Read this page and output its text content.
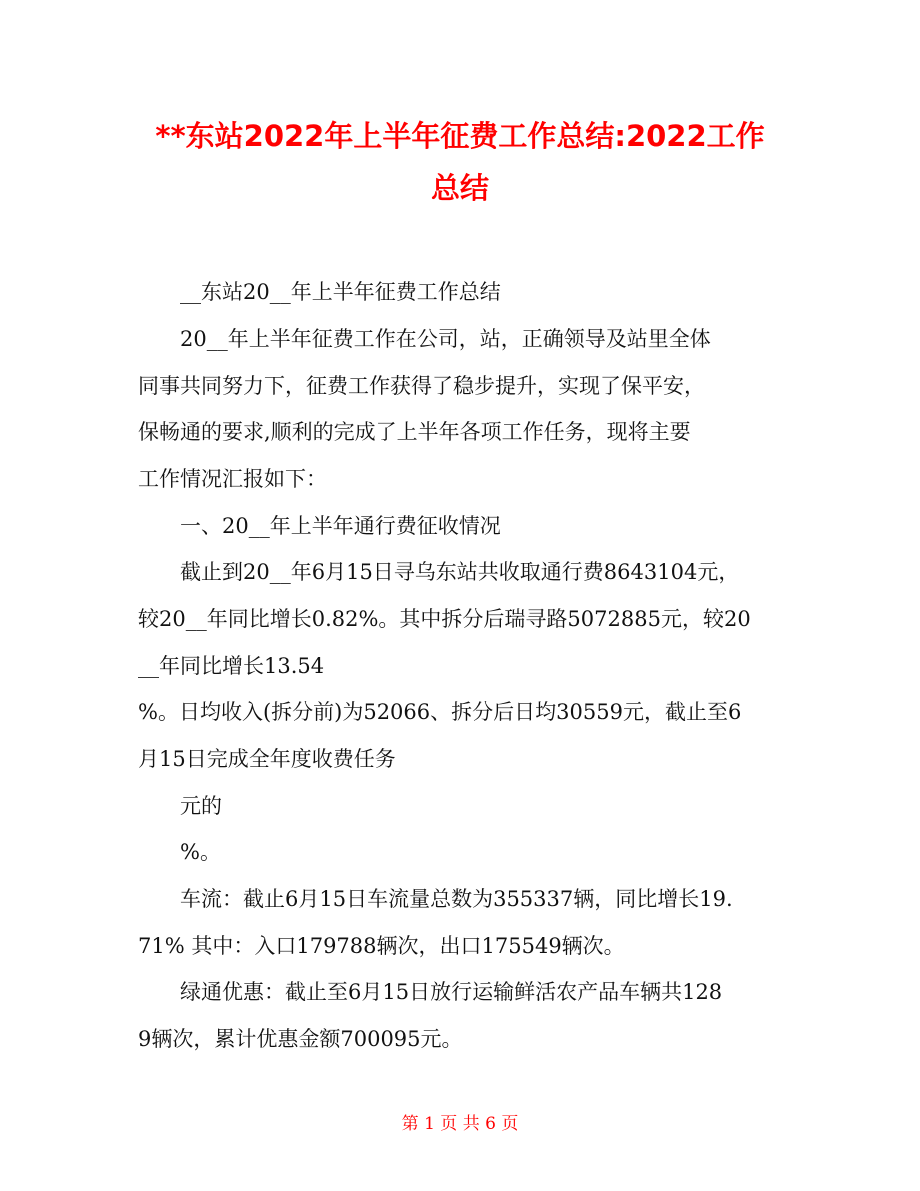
**东站2022年上半年征费工作总结:2022工作
总结

__东站20__年上半年征费工作总结

20__年上半年征费工作在公司，站，正确领导及站里全体

同事共同努力下，征费工作获得了稳步提升，实现了保平安，

保畅通的要求,顺利的完成了上半年各项工作任务，现将主要

工作情况汇报如下：

一、20__年上半年通行费征收情况

截止到20__年6月15日寻乌东站共收取通行费8643104元，

较20__年同比增长0.82%。其中拆分后瑞寻路5072885元，较20

__年同比增长13.54

%。日均收入(拆分前)为52066、拆分后日均30559元，截止至6

月15日完成全年度收费任务

元的

%。

车流：截止6月15日车流量总数为355337辆，同比增长19.

71% 其中：入口179788辆次，出口175549辆次。

绿通优惠：截止至6月15日放行运输鲜活农产品车辆共128

9辆次，累计优惠金额700095元。

第 1 页 共 6 页
